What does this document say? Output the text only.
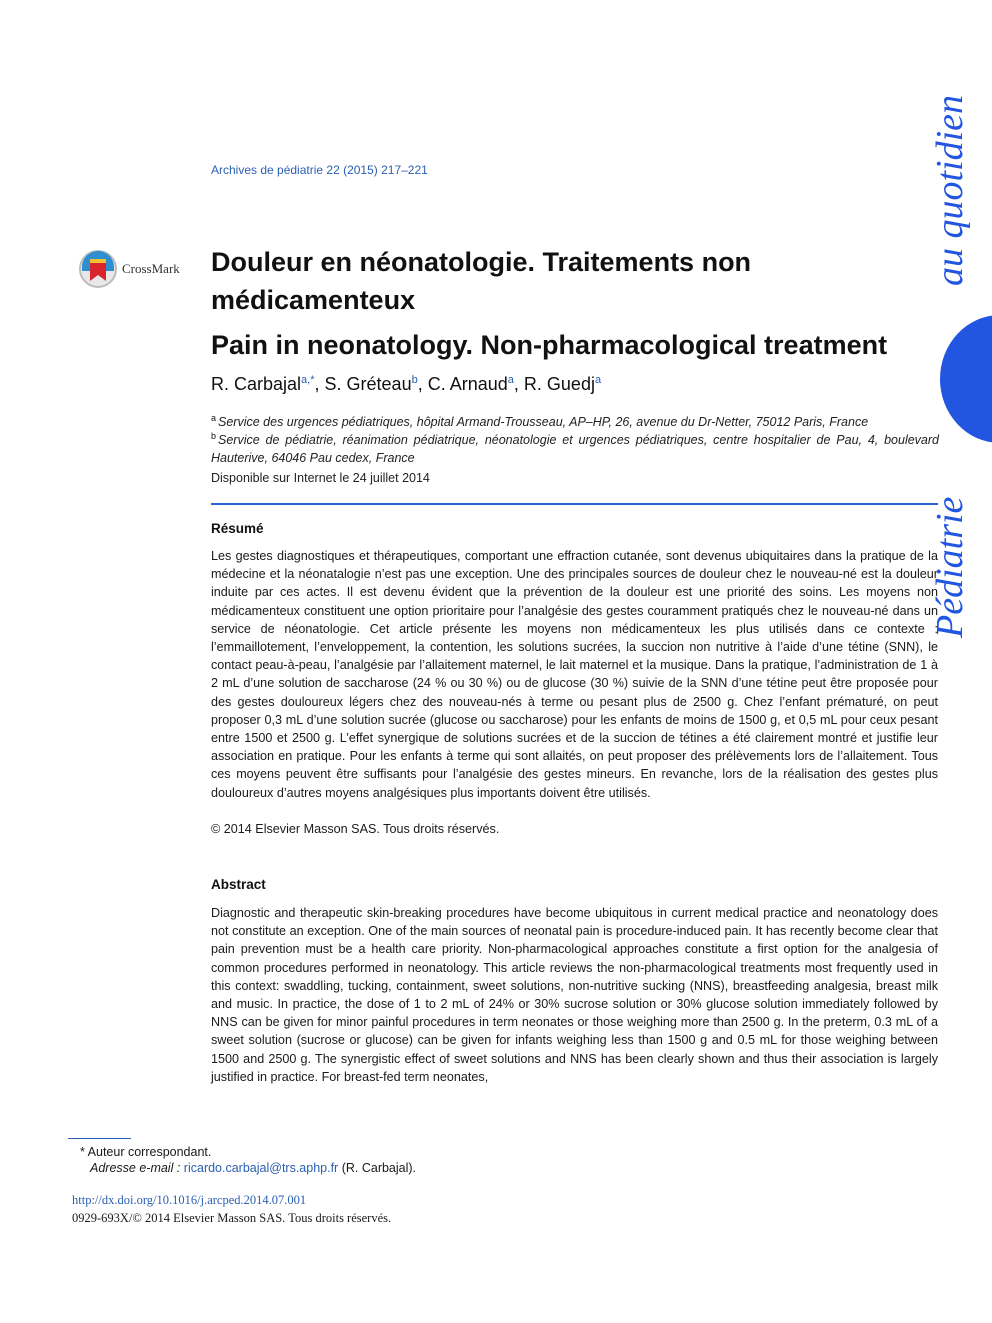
Archives de pédiatrie 22 (2015) 217–221
CrossMark Douleur en néonatologie. Traitements non médicamenteux
Pain in neonatology. Non-pharmacological treatment
R. Carbajal$^{a,*}$, S. Gréteau$^b$, C. Arnaud$^a$, R. Guedj$^a$
$^a$ Service des urgences pédiatriques, hôpital Armand-Trousseau, AP–HP, 26, avenue du Dr-Netter, 75012 Paris, France
$^b$ Service de pédiatrie, réanimation pédiatrique, néonatologie et urgences pédiatriques, centre hospitalier de Pau, 4, boulevard Hauterive, 64046 Pau cedex, France
Disponible sur Internet le 24 juillet 2014
Résumé
Les gestes diagnostiques et thérapeutiques, comportant une effraction cutanée, sont devenus ubiquitaires dans la pratique de la médecine et la néonatalogie n’est pas une exception. Une des principales sources de douleur chez le nouveau-né est la douleur induite par ces actes. Il est devenu évident que la prévention de la douleur est une priorité des soins. Les moyens non médicamenteux constituent une option prioritaire pour l’analgésie des gestes couramment pratiqués chez le nouveau-né dans un service de néonatologie. Cet article présente les moyens non médicamenteux les plus utilisés dans ce contexte : l’emmaillotement, l’enveloppement, la contention, les solutions sucrées, la succion non nutritive à l’aide d’une tétine (SNN), le contact peau-à-peau, l’analgésie par l’allaitement maternel, le lait maternel et la musique. Dans la pratique, l’administration de 1 à 2 mL d’une solution de saccharose (24 % ou 30 %) ou de glucose (30 %) suivie de la SNN d’une tétine peut être proposée pour des gestes douloureux légers chez des nouveau-nés à terme ou pesant plus de 2500 g. Chez l’enfant prématuré, on peut proposer 0,3 mL d’une solution sucrée (glucose ou saccharose) pour les enfants de moins de 1500 g, et 0,5 mL pour ceux pesant entre 1500 et 2500 g. L’effet synergique de solutions sucrées et de la succion de tétines a été clairement montré et justifie leur association en pratique. Pour les enfants à terme qui sont allaités, on peut proposer des prélèvements lors de l’allaitement. Tous ces moyens peuvent être suffisants pour l’analgésie des gestes mineurs. En revanche, lors de la réalisation des gestes plus douloureux d’autres moyens analgésiques plus importants doivent être utilisés.
© 2014 Elsevier Masson SAS. Tous droits réservés.
Abstract
Diagnostic and therapeutic skin-breaking procedures have become ubiquitous in current medical practice and neonatology does not constitute an exception. One of the main sources of neonatal pain is procedure-induced pain. It has recently become clear that pain prevention must be a health care priority. Non-pharmacological approaches constitute a first option for the analgesia of common procedures performed in neonatology. This article reviews the non-pharmacological treatments most frequently used in this context: swaddling, tucking, containment, sweet solutions, non-nutritive sucking (NNS), breastfeeding analgesia, breast milk and music. In practice, the dose of 1 to 2 mL of 24% or 30% sucrose solution or 30% glucose solution immediately followed by NNS can be given for minor painful procedures in term neonates or those weighing more than 2500 g. In the preterm, 0.3 mL of a sweet solution (sucrose or glucose) can be given for infants weighing less than 1500 g and 0.5 mL for those weighing between 1500 and 2500 g. The synergistic effect of sweet solutions and NNS has been clearly shown and thus their association is largely justified in practice. For breast-fed term neonates,
au quotidien
Pédiatrie
* Auteur correspondant.
Adresse e-mail : ricardo.carbajal@trs.aphp.fr (R. Carbajal).
http://dx.doi.org/10.1016/j.arcped.2014.07.001
0929-693X/© 2014 Elsevier Masson SAS. Tous droits réservés.
